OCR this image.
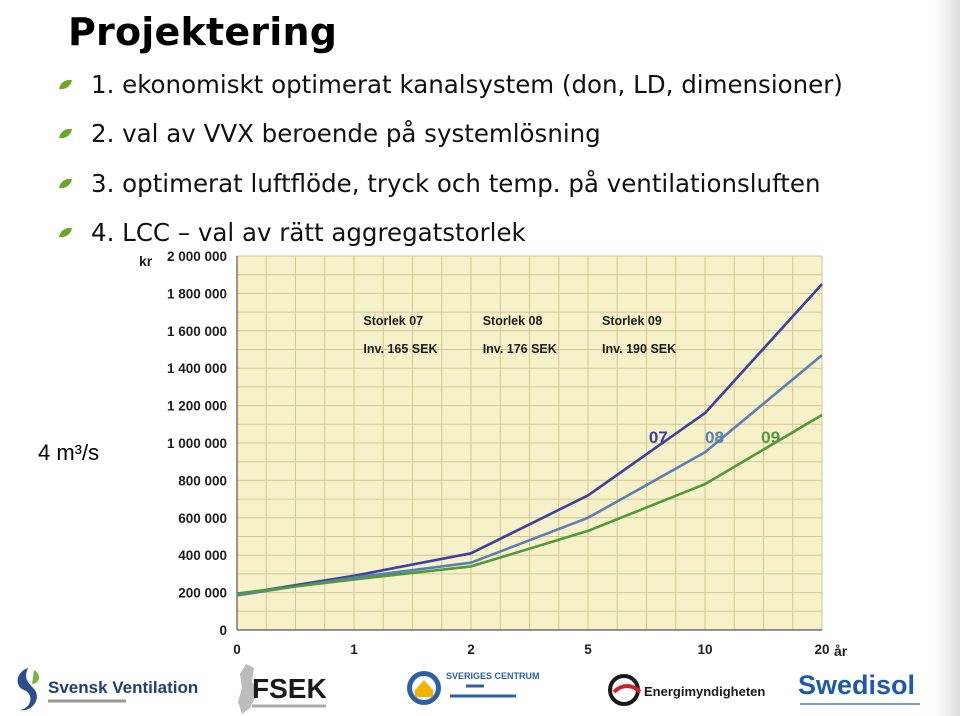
Projektering
1. ekonomiskt optimerat kanalsystem (don, LD, dimensioner)
2. val av VVX beroende på systemlösning
3. optimerat luftflöde, tryck och temp. på ventilationsluften
4. LCC – val av rätt aggregatstorlek
4 m³/s
0
200 000
400 000
600 000
800 000
1 000 000
1 200 000
1 400 000
1 600 000
1 800 000
2 000 000
0	1	2	5	10	20
kr
år
07 08 09
Storlek 07
Inv. 165 SEK
Storlek 08
Inv. 176 SEK
Storlek 09
Inv. 190 SEK
Svensk Ventilation FSEK	SVERIGES CENTRUM
Energimyndigheten Swedisol
